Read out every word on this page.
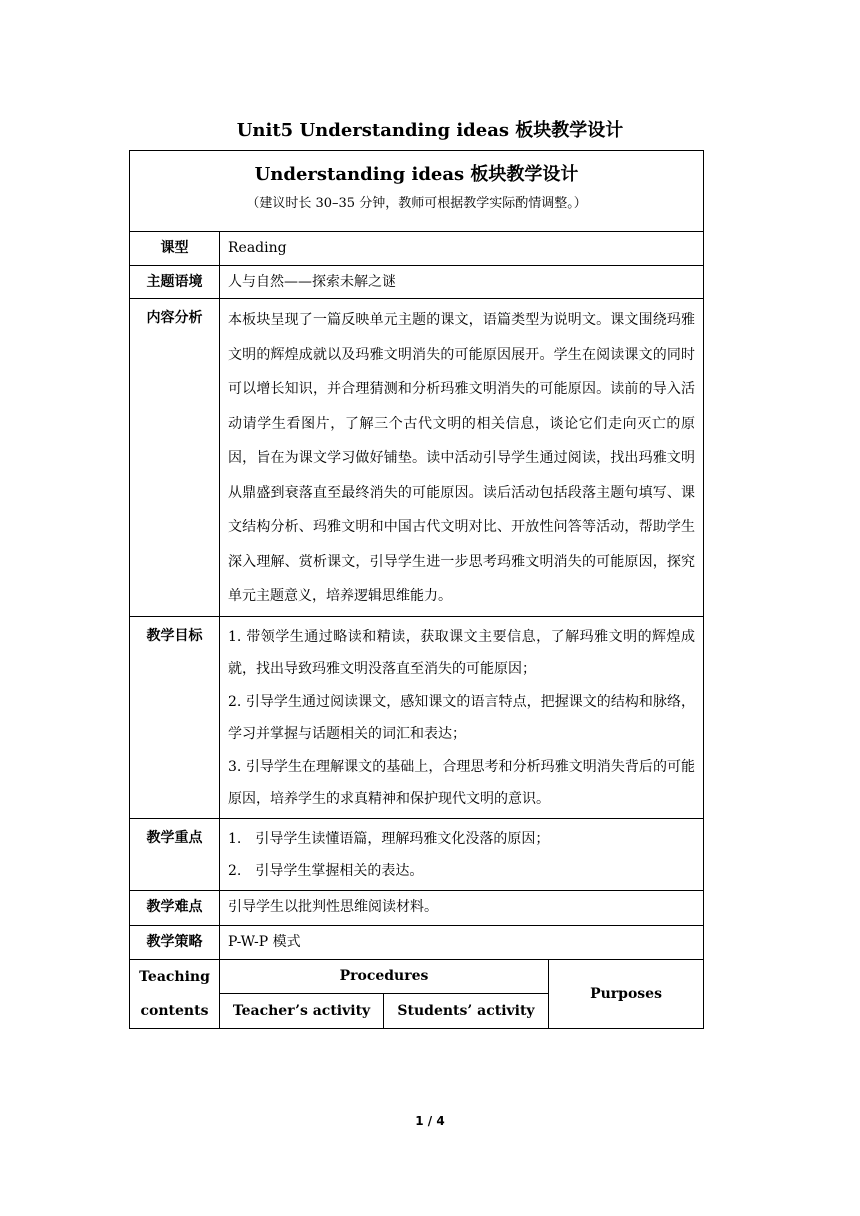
Unit5 Understanding ideas 板块教学设计
Understanding ideas 板块教学设计
（建议时长 30–35 分钟，教师可根据教学实际酌情调整。）			

课型	Reading		
主题语境	人与自然——探索未解之谜		
内容分析	本板块呈现了一篇反映单元主题的课文，语篇类型为说明文。课文围绕玛雅文明的辉煌成就以及玛雅文明消失的可能原因展开。学生在阅读课文的同时可以增长知识，并合理猜测和分析玛雅文明消失的可能原因。读前的导入活动请学生看图片，了解三个古代文明的相关信息，谈论它们走向灭亡的原因，旨在为课文学习做好铺垫。读中活动引导学生通过阅读，找出玛雅文明从鼎盛到衰落直至最终消失的可能原因。读后活动包括段落主题句填写、课文结构分析、玛雅文明和中国古代文明对比、开放性问答等活动，帮助学生深入理解、赏析课文，引导学生进一步思考玛雅文明消失的可能原因，探究单元主题意义，培养逻辑思维能力。		

教学目标	1. 带领学生通过略读和精读，获取课文主要信息，了解玛雅文明的辉煌成就，找出导致玛雅文明没落直至消失的可能原因；

2. 引导学生通过阅读课文，感知课文的语言特点，把握课文的结构和脉络，学习并掌握与话题相关的词汇和表达；

3. 引导学生在理解课文的基础上，合理思考和分析玛雅文明消失背后的可能原因，培养学生的求真精神和保护现代文明的意识。		

教学重点	1.　引导学生读懂语篇，理解玛雅文化没落的原因；

2.　引导学生掌握相关的表达。		

教学难点	引导学生以批判性思维阅读材料。		
教学策略	P-W-P 模式		

Teaching
contents	Procedures		Purposes
	Teacher’s activity	Students’ activity	
1 / 4
